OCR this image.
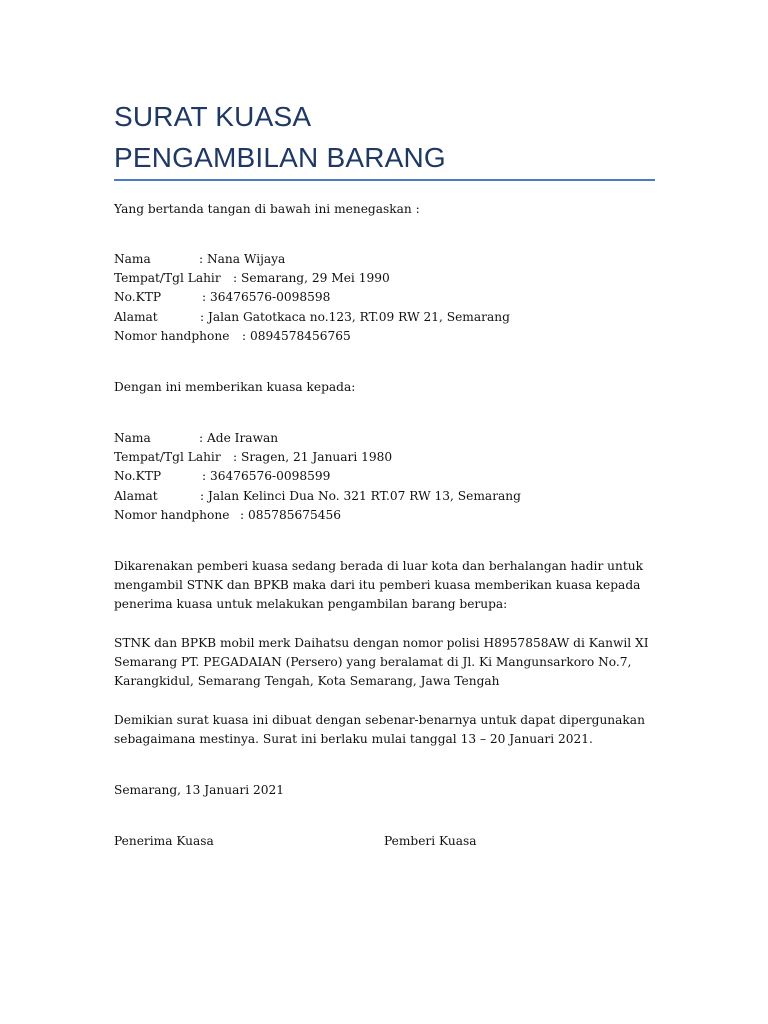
SURAT KUASA
PENGAMBILAN BARANG
Yang bertanda tangan di bawah ini menegaskan :
Nama	: Nana Wijaya
Tempat/Tgl Lahir : Semarang, 29 Mei 1990
No.KTP	: 36476576-0098598
Alamat	: Jalan Gatotkaca no.123, RT.09 RW 21, Semarang
Nomor handphone : 0894578456765
Dengan ini memberikan kuasa kepada:
Nama	: Ade Irawan
Tempat/Tgl Lahir : Sragen, 21 Januari 1980
No.KTP	: 36476576-0098599
Alamat	: Jalan Kelinci Dua No. 321 RT.07 RW 13, Semarang
Nomor handphone : 085785675456
Dikarenakan pemberi kuasa sedang berada di luar kota dan berhalangan hadir untuk
mengambil STNK dan BPKB maka dari itu pemberi kuasa memberikan kuasa kepada
penerima kuasa untuk melakukan pengambilan barang berupa:
STNK dan BPKB mobil merk Daihatsu dengan nomor polisi H8957858AW di Kanwil XI
Semarang PT. PEGADAIAN (Persero) yang beralamat di Jl. Ki Mangunsarkoro No.7,
Karangkidul, Semarang Tengah, Kota Semarang, Jawa Tengah
Demikian surat kuasa ini dibuat dengan sebenar-benarnya untuk dapat dipergunakan
sebagaimana mestinya. Surat ini berlaku mulai tanggal 13 – 20 Januari 2021.
Semarang, 13 Januari 2021
Penerima Kuasa	Pemberi Kuasa
